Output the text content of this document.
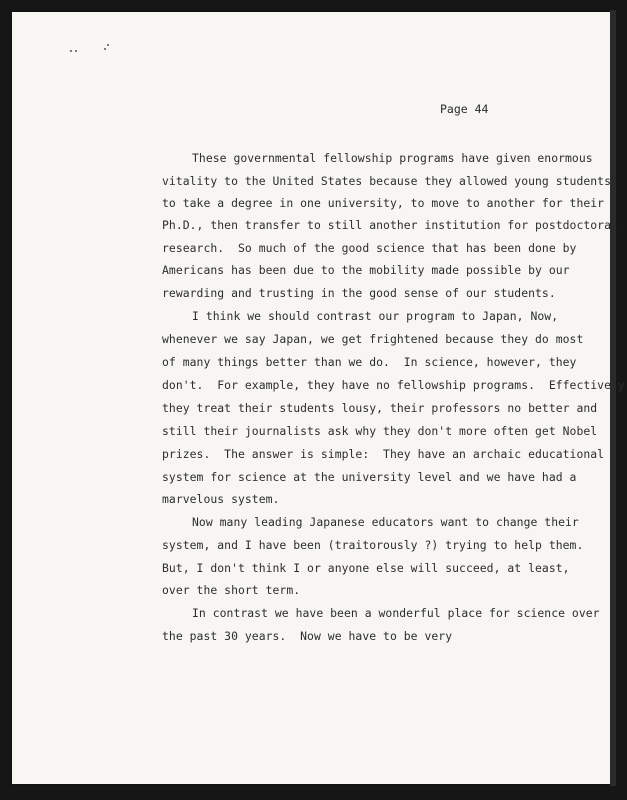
Page 44
These governmental fellowship programs have given enormous
vitality to the United States because they allowed young students
to take a degree in one university, to move to another for their
Ph.D., then transfer to still another institution for postdoctoral
research.  So much of the good science that has been done by
Americans has been due to the mobility made possible by our
rewarding and trusting in the good sense of our students.
I think we should contrast our program to Japan, Now,
whenever we say Japan, we get frightened because they do most
of many things better than we do.  In science, however, they
don't.  For example, they have no fellowship programs.  Effectively
they treat their students lousy, their professors no better and
still their journalists ask why they don't more often get Nobel
prizes.  The answer is simple:  They have an archaic educational
system for science at the university level and we have had a
marvelous system.
Now many leading Japanese educators want to change their
system, and I have been (traitorously ?) trying to help them.
But, I don't think I or anyone else will succeed, at least,
over the short term.
In contrast we have been a wonderful place for science over
the past 30 years.  Now we have to be very
